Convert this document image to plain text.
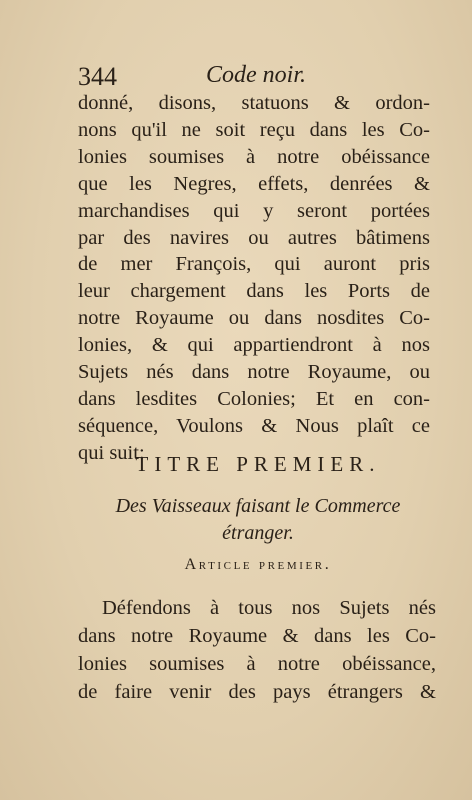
344	Code noir.
donné, disons, statuons & ordon-
nons qu'il ne soit reçu dans les Co-
lonies soumises à notre obéissance
que les Negres, effets, denrées &
marchandises qui y seront portées
par des navires ou autres bâtimens
de mer François, qui auront pris
leur chargement dans les Ports de
notre Royaume ou dans nosdites Co-
lonies, & qui appartiendront à nos
Sujets nés dans notre Royaume, ou
dans lesdites Colonies; Et en con-
séquence, Voulons & Nous plaît ce
qui suit:
TITRE PREMIER.
Des Vaisseaux faisant le Commerce
étranger.
Article premier.
Défendons à tous nos Sujets nés
dans notre Royaume & dans les Co-
lonies soumises à notre obéissance,
de faire venir des pays étrangers &
